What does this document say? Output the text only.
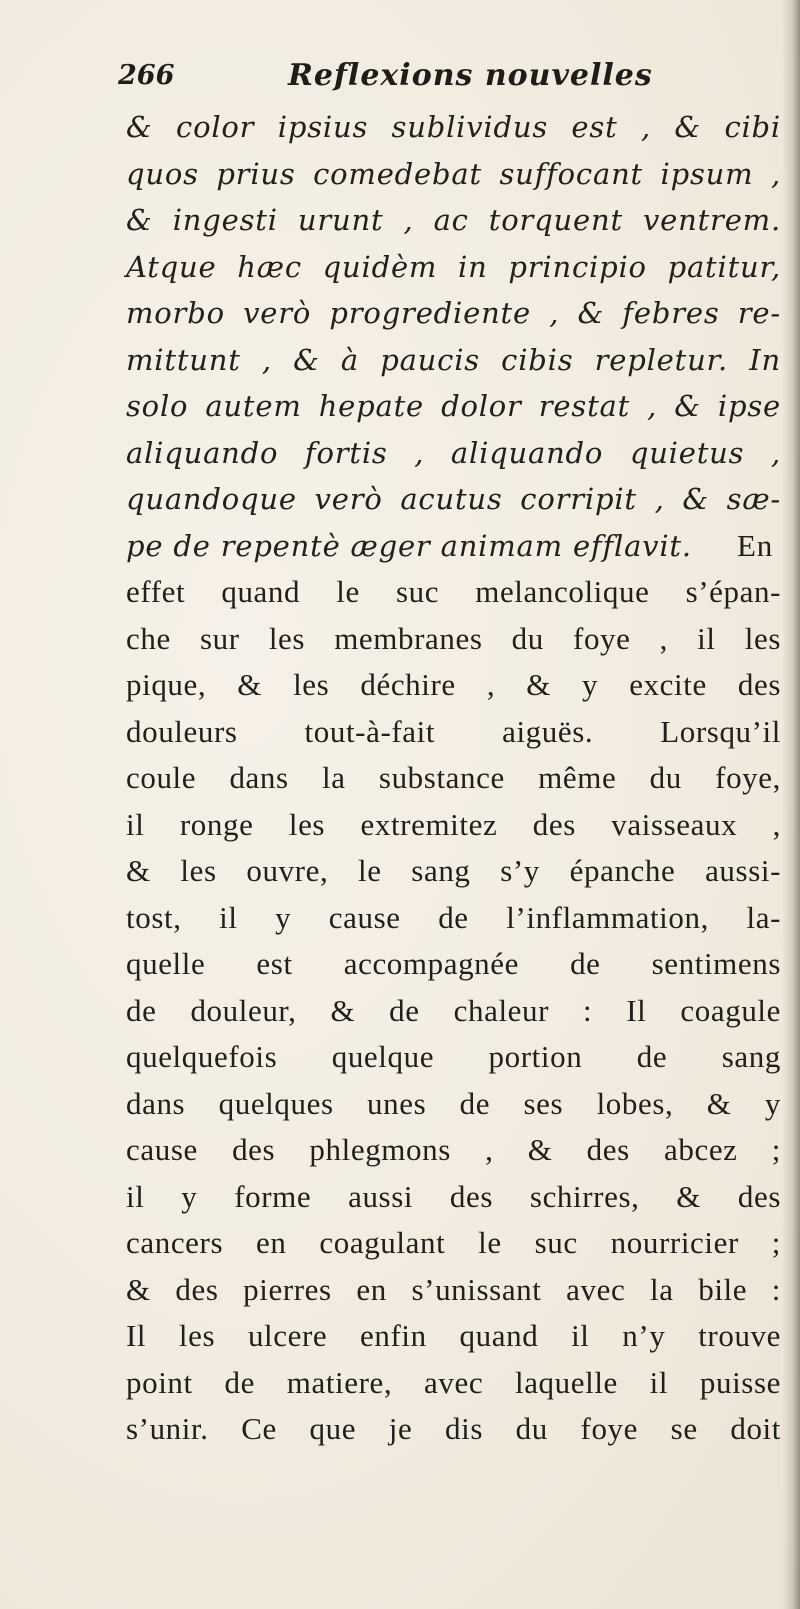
266	Reflexions nouvelles
& color ipsius sublividus est , & cibi
quos prius comedebat suffocant ipsum ,
& ingesti urunt , ac torquent ventrem.
Atque hæc quidèm in principio patitur,
morbo verò progrediente , & febres re-
mittunt , & à paucis cibis repletur. In
solo autem hepate dolor restat , & ipse
aliquando fortis , aliquando quietus ,
quandoque verò acutus corripit , & sæ-
pe de repentè æger animam efflavit. En
effet quand le suc melancolique s’épan-
che sur les membranes du foye , il les
pique, & les déchire , & y excite des
douleurs tout-à-fait aiguës. Lorsqu’il
coule dans la substance même du foye,
il ronge les extremitez des vaisseaux ,
& les ouvre, le sang s’y épanche aussi-
tost, il y cause de l’inflammation, la-
quelle est accompagnée de sentimens
de douleur, & de chaleur : Il coagule
quelquefois quelque portion de sang
dans quelques unes de ses lobes, & y
cause des phlegmons , & des abcez ;
il y forme aussi des schirres, & des
cancers en coagulant le suc nourricier ;
& des pierres en s’unissant avec la bile :
Il les ulcere enfin quand il n’y trouve
point de matiere, avec laquelle il puisse
s’unir. Ce que je dis du foye se doit
